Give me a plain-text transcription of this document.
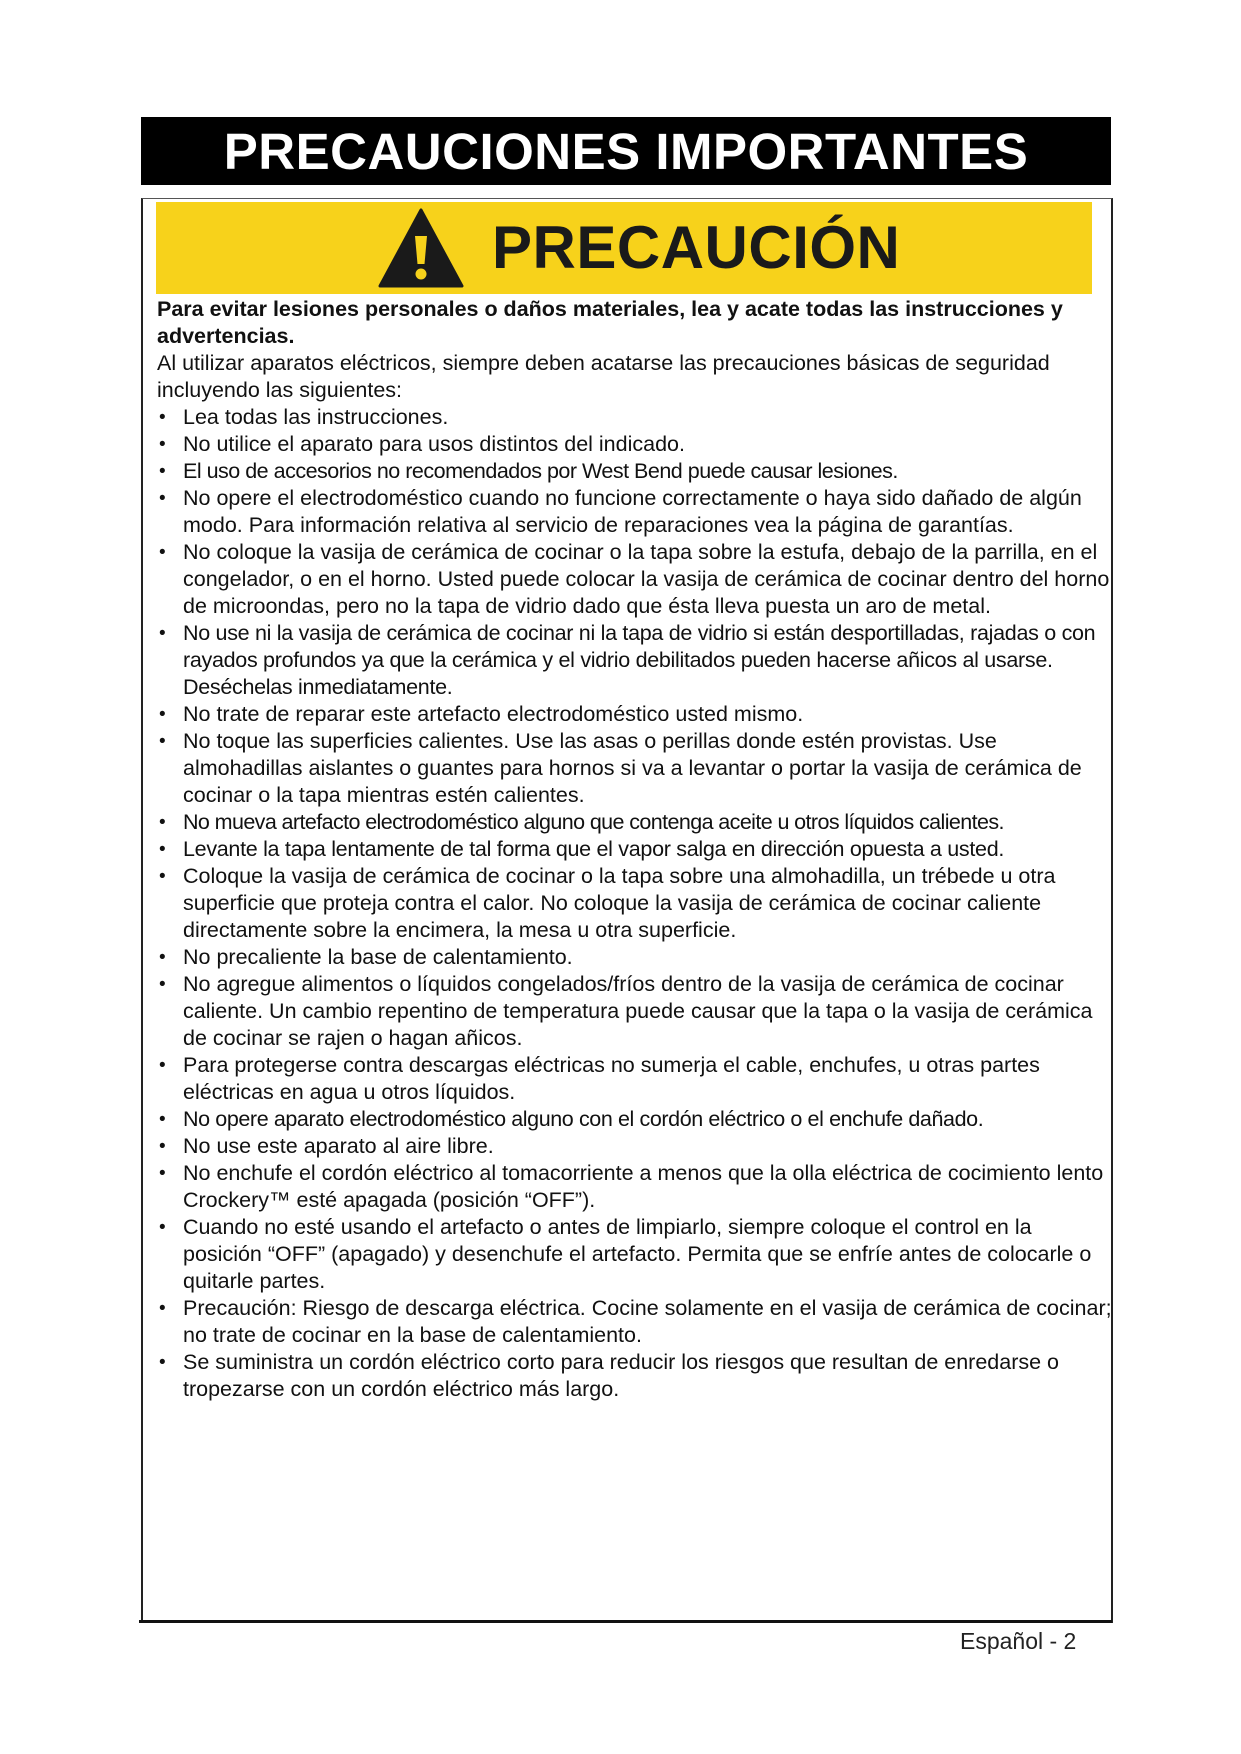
PRECAUCIONES IMPORTANTES
PRECAUCIÓN

Para evitar lesiones personales o daños materiales, lea y acate todas las instrucciones y advertencias.

Al utilizar aparatos eléctricos, siempre deben acatarse las precauciones básicas de seguridad incluyendo las siguientes:

• Lea todas las instrucciones.
• No utilice el aparato para usos distintos del indicado.
• El uso de accesorios no recomendados por West Bend puede causar lesiones.
• No opere el electrodoméstico cuando no funcione correctamente o haya sido dañado de algún modo. Para información relativa al servicio de reparaciones vea la página de garantías.
• No coloque la vasija de cerámica de cocinar o la tapa sobre la estufa, debajo de la parrilla, en el congelador, o en el horno. Usted puede colocar la vasija de cerámica de cocinar dentro del horno de microondas, pero no la tapa de vidrio dado que ésta lleva puesta un aro de metal.
• No use ni la vasija de cerámica de cocinar ni la tapa de vidrio si están desportilladas, rajadas o con rayados profundos ya que la cerámica y el vidrio debilitados pueden hacerse añicos al usarse. Deséchelas inmediatamente.
• No trate de reparar este artefacto electrodoméstico usted mismo.
• No toque las superficies calientes. Use las asas o perillas donde estén provistas. Use almohadillas aislantes o guantes para hornos si va a levantar o portar la vasija de cerámica de cocinar o la tapa mientras estén calientes.
• No mueva artefacto electrodoméstico alguno que contenga aceite u otros líquidos calientes.
• Levante la tapa lentamente de tal forma que el vapor salga en dirección opuesta a usted.
• Coloque la vasija de cerámica de cocinar o la tapa sobre una almohadilla, un trébede u otra superficie que proteja contra el calor. No coloque la vasija de cerámica de cocinar caliente directamente sobre la encimera, la mesa u otra superficie.
• No precaliente la base de calentamiento.
• No agregue alimentos o líquidos congelados/fríos dentro de la vasija de cerámica de cocinar caliente. Un cambio repentino de temperatura puede causar que la tapa o la vasija de cerámica de cocinar se rajen o hagan añicos.
• Para protegerse contra descargas eléctricas no sumerja el cable, enchufes, u otras partes eléctricas en agua u otros líquidos.
• No opere aparato electrodoméstico alguno con el cordón eléctrico o el enchufe dañado.
• No use este aparato al aire libre.
• No enchufe el cordón eléctrico al tomacorriente a menos que la olla eléctrica de cocimiento lento Crockery™ esté apagada (posición “OFF”).
• Cuando no esté usando el artefacto o antes de limpiarlo, siempre coloque el control en la posición “OFF” (apagado) y desenchufe el artefacto. Permita que se enfríe antes de colocarle o quitarle partes.
• Precaución: Riesgo de descarga eléctrica. Cocine solamente en el vasija de cerámica de cocinar; no trate de cocinar en la base de calentamiento.
• Se suministra un cordón eléctrico corto para reducir los riesgos que resultan de enredarse o tropezarse con un cordón eléctrico más largo.
Español - 2
